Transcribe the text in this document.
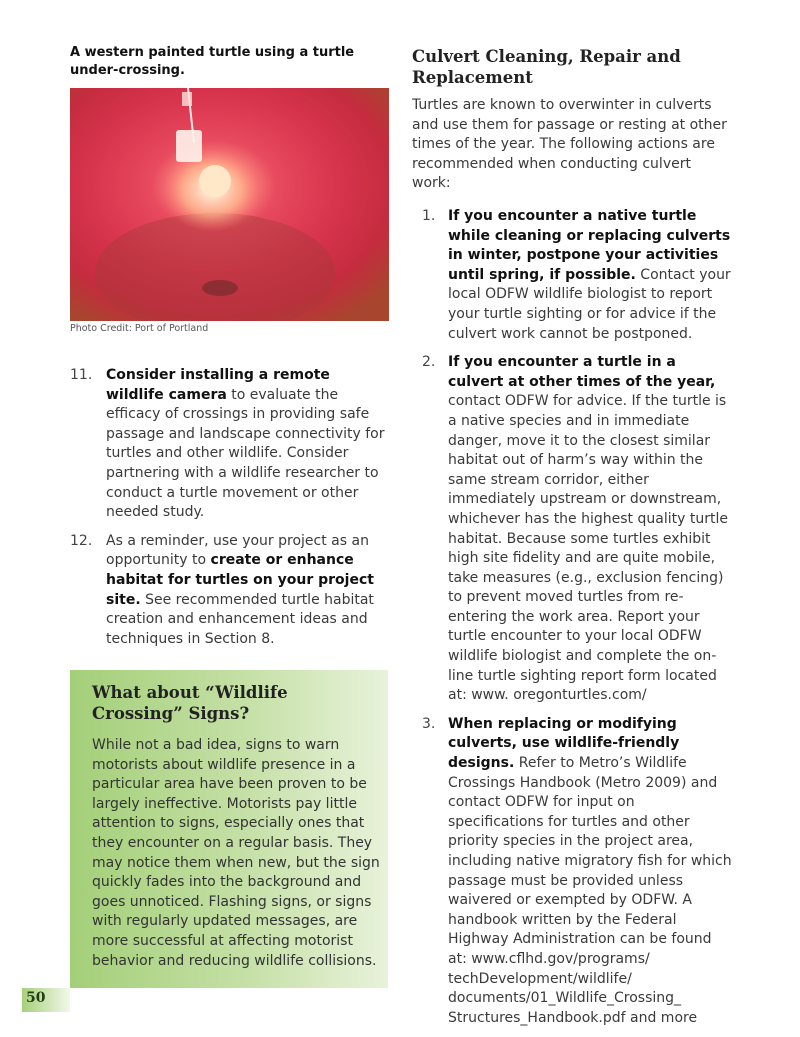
A western painted turtle using a turtle under-crossing.
Photo Credit: Port of Portland
11. Consider installing a remote wildlife camera to evaluate the efficacy of crossings in providing safe passage and landscape connectivity for turtles and other wildlife. Consider partnering with a wildlife researcher to conduct a turtle movement or other needed study.
12. As a reminder, use your project as an opportunity to create or enhance habitat for turtles on your project site. See recommended turtle habitat creation and enhancement ideas and techniques in Section 8.
What about “Wildlife Crossing” Signs?

While not a bad idea, signs to warn motorists about wildlife presence in a particular area have been proven to be largely ineffective. Motorists pay little attention to signs, especially ones that they encounter on a regular basis. They may notice them when new, but the sign quickly fades into the background and goes unnoticed. Flashing signs, or signs with regularly updated messages, are more successful at affecting motorist behavior and reducing wildlife collisions.

Culvert Cleaning, Repair and Replacement
Turtles are known to overwinter in culverts and use them for passage or resting at other times of the year. The following actions are recommended when conducting culvert work:
1. If you encounter a native turtle while cleaning or replacing culverts in winter, postpone your activities until spring, if possible. Contact your local ODFW wildlife biologist to report your turtle sighting or for advice if the culvert work cannot be postponed.
2. If you encounter a turtle in a culvert at other times of the year, contact ODFW for advice. If the turtle is a native species and in immediate danger, move it to the closest similar habitat out of harm’s way within the same stream corridor, either immediately upstream or downstream, whichever has the highest quality turtle habitat. Because some turtles exhibit high site fidelity and are quite mobile, take measures (e.g., exclusion fencing) to prevent moved turtles from re-entering the work area. Report your turtle encounter to your local ODFW wildlife biologist and complete the on-line turtle sighting report form located at: www. oregonturtles.com/
3. When replacing or modifying culverts, use wildlife-friendly designs. Refer to Metro’s Wildlife Crossings Handbook (Metro 2009) and contact ODFW for input on specifications for turtles and other priority species in the project area, including native migratory fish for which passage must be provided unless waivered or exempted by ODFW. A handbook written by the Federal Highway Administration can be found at: www.cflhd.gov/programs/ techDevelopment/wildlife/ documents/01_Wildlife_Crossing_ Structures_Handbook.pdf and more
50
